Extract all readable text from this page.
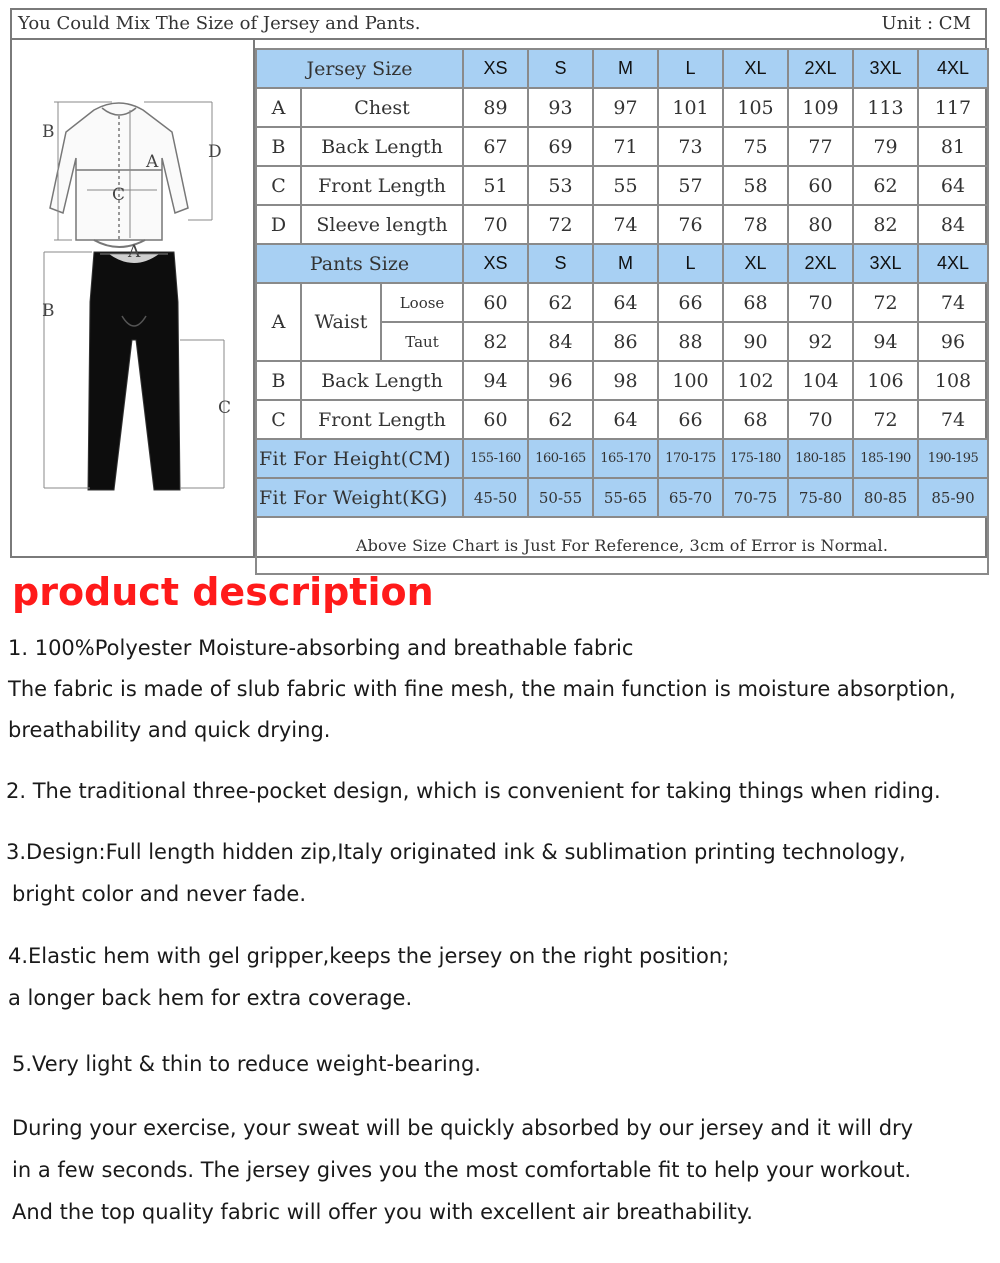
You Could Mix The Size of Jersey and Pants.	Unit : CM
B
A
C
D
A
B
C
Jersey Size			XS	S	M	L	XL	2XL	3XL	4XL
A	Chest		89	93	97	101	105	109	113	117
B	Back Length		67	69	71	73	75	77	79	81
C	Front Length		51	53	55	57	58	60	62	64
D	Sleeve length		70	72	74	76	78	80	82	84
Pants Size			XS	S	M	L	XL	2XL	3XL	4XL
A	Waist	Loose	60	62	64	66	68	70	72	74
		Taut	82	84	86	88	90	92	94	96
B	Back Length		94	96	98	100	102	104	106	108
C	Front Length		60	62	64	66	68	70	72	74
Fit For Height(CM)			155-160	160-165	165-170	170-175	175-180	180-185	185-190	190-195
Fit For Weight(KG)			45-50	50-55	55-65	65-70	70-75	75-80	80-85	85-90
Above Size Chart is Just For Reference, 3cm of Error is Normal.										
product description

1. 100%Polyester Moisture-absorbing and breathable fabric

The fabric is made of slub fabric with fine mesh, the main function is moisture absorption,

breathability and quick drying.

2. The traditional three-pocket design, which is convenient for taking things when riding.

3.Design:Full length hidden zip,Italy originated ink & sublimation printing technology,

bright color and never fade.

4.Elastic hem with gel gripper,keeps the jersey on the right position;

a longer back hem for extra coverage.

5.Very light & thin to reduce weight-bearing.

During your exercise, your sweat will be quickly absorbed by our jersey and it will dry

in a few seconds. The jersey gives you the most comfortable fit to help your workout.

And the top quality fabric will offer you with excellent air breathability.
